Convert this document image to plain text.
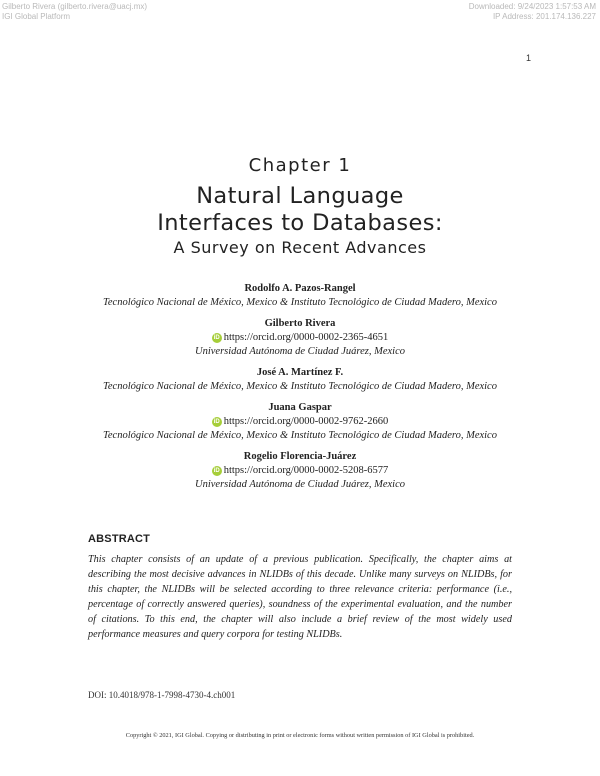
Gilberto Rivera (gilberto.rivera@uacj.mx)
IGI Global Platform
Downloaded: 9/24/2023 1:57:53 AM
IP Address: 201.174.136.227
1
Chapter 1
Natural Language
Interfaces to Databases:
A Survey on Recent Advances
Rodolfo A. Pazos-Rangel
Tecnológico Nacional de México, Mexico & Instituto Tecnológico de Ciudad Madero, Mexico
Gilberto Rivera
iD https://orcid.org/0000-0002-2365-4651
Universidad Autónoma de Ciudad Juárez, Mexico
José A. Martínez F.
Tecnológico Nacional de México, Mexico & Instituto Tecnológico de Ciudad Madero, Mexico
Juana Gaspar
iD https://orcid.org/0000-0002-9762-2660
Tecnológico Nacional de México, Mexico & Instituto Tecnológico de Ciudad Madero, Mexico
Rogelio Florencia-Juárez
iD https://orcid.org/0000-0002-5208-6577
Universidad Autónoma de Ciudad Juárez, Mexico
ABSTRACT
This chapter consists of an update of a previous publication. Specifically, the chapter aims at describing the most decisive advances in NLIDBs of this decade. Unlike many surveys on NLIDBs, for this chapter, the NLIDBs will be selected according to three relevance criteria: performance (i.e., percentage of correctly answered queries), soundness of the experimental evaluation, and the number of citations. To this end, the chapter will also include a brief review of the most widely used performance measures and query corpora for testing NLIDBs.
DOI: 10.4018/978-1-7998-4730-4.ch001
Copyright © 2021, IGI Global. Copying or distributing in print or electronic forms without written permission of IGI Global is prohibited.
